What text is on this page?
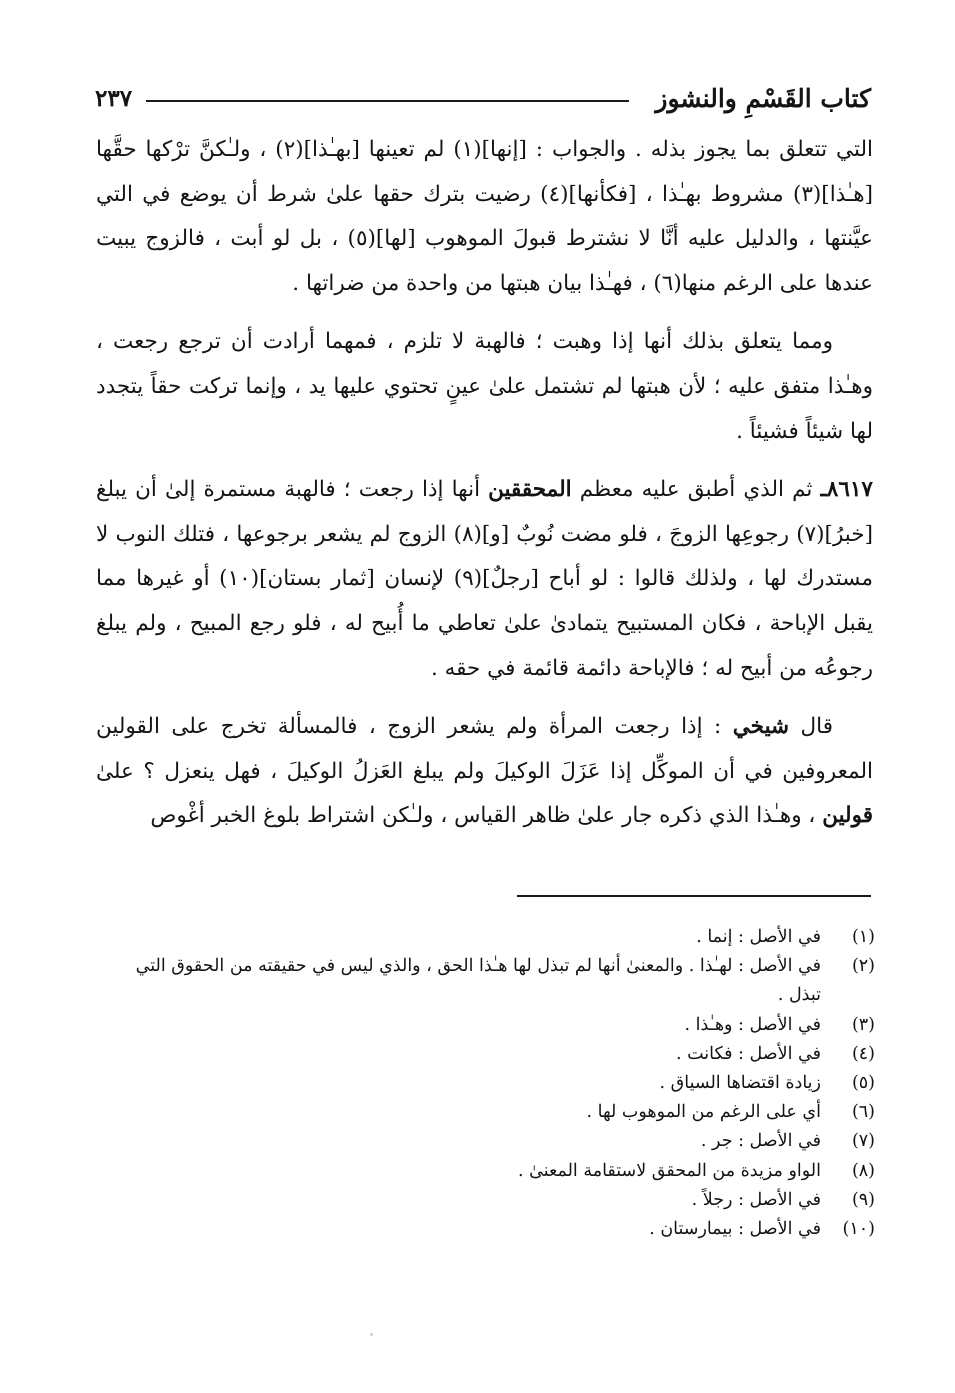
كتاب القَسْمِ والنشوز
٢٣٧

التي تتعلق بما يجوز بذله . والجواب : [إنها](١) لم تعينها [بهـٰذا](٢) ، ولـٰكنَّ ترْكها حقَّها [هـٰذا](٣) مشروط بهـٰذا ، [فكأنها](٤) رضيت بترك حقها علىٰ شرط أن يوضع في التي عيَّنتها ، والدليل عليه أنَّا لا نشترط قبولَ الموهوب [لها](٥) ، بل لو أبت ، فالزوج يبيت عندها على الرغم منها(٦) ، فهـٰذا بيان هبتها من واحدة من ضراتها .

ومما يتعلق بذلك أنها إذا وهبت ؛ فالهبة لا تلزم ، فمهما أرادت أن ترجع رجعت ، وهـٰذا متفق عليه ؛ لأن هبتها لم تشتمل علىٰ عينٍ تحتوي عليها يد ، وإنما تركت حقاً يتجدد لها شيئاً فشيئاً .

٨٦١٧ـ ثم الذي أطبق عليه معظم المحققين أنها إذا رجعت ؛ فالهبة مستمرة إلىٰ أن يبلغ [خبرُ](٧) رجوعِها الزوجَ ، فلو مضت نُوبٌ [و](٨) الزوج لم يشعر برجوعها ، فتلك النوب لا مستدرك لها ، ولذلك قالوا : لو أباح [رجلٌ](٩) لإنسان [ثمار بستان](١٠) أو غيرها مما يقبل الإباحة ، فكان المستبيح يتمادىٰ علىٰ تعاطي ما أُبيح له ، فلو رجع المبيح ، ولم يبلغ رجوعُه من أبيح له ؛ فالإباحة دائمة قائمة في حقه .

قال شيخي : إذا رجعت المرأة ولم يشعر الزوج ، فالمسألة تخرج على القولين المعروفين في أن الموكِّل إذا عَزَلَ الوكيلَ ولم يبلغ العَزلُ الوكيلَ ، فهل ينعزل ؟ علىٰ قولين ، وهـٰذا الذي ذكره جار علىٰ ظاهر القياس ، ولـٰكن اشتراط بلوغ الخبر أغْوص

(١)
في الأصل : إنما .
(٢)
في الأصل : لهـٰذا . والمعنىٰ أنها لم تبذل لها هـٰذا الحق ، والذي ليس في حقيقته من الحقوق التي تبذل .
(٣)
في الأصل : وهـٰذا .
(٤)
في الأصل : فكانت .
(٥)
زيادة اقتضاها السياق .
(٦)
أي على الرغم من الموهوب لها .
(٧)
في الأصل : جر .
(٨)
الواو مزيدة من المحقق لاستقامة المعنىٰ .
(٩)
في الأصل : رجلاً .
(١٠)
في الأصل : بيمارستان .
